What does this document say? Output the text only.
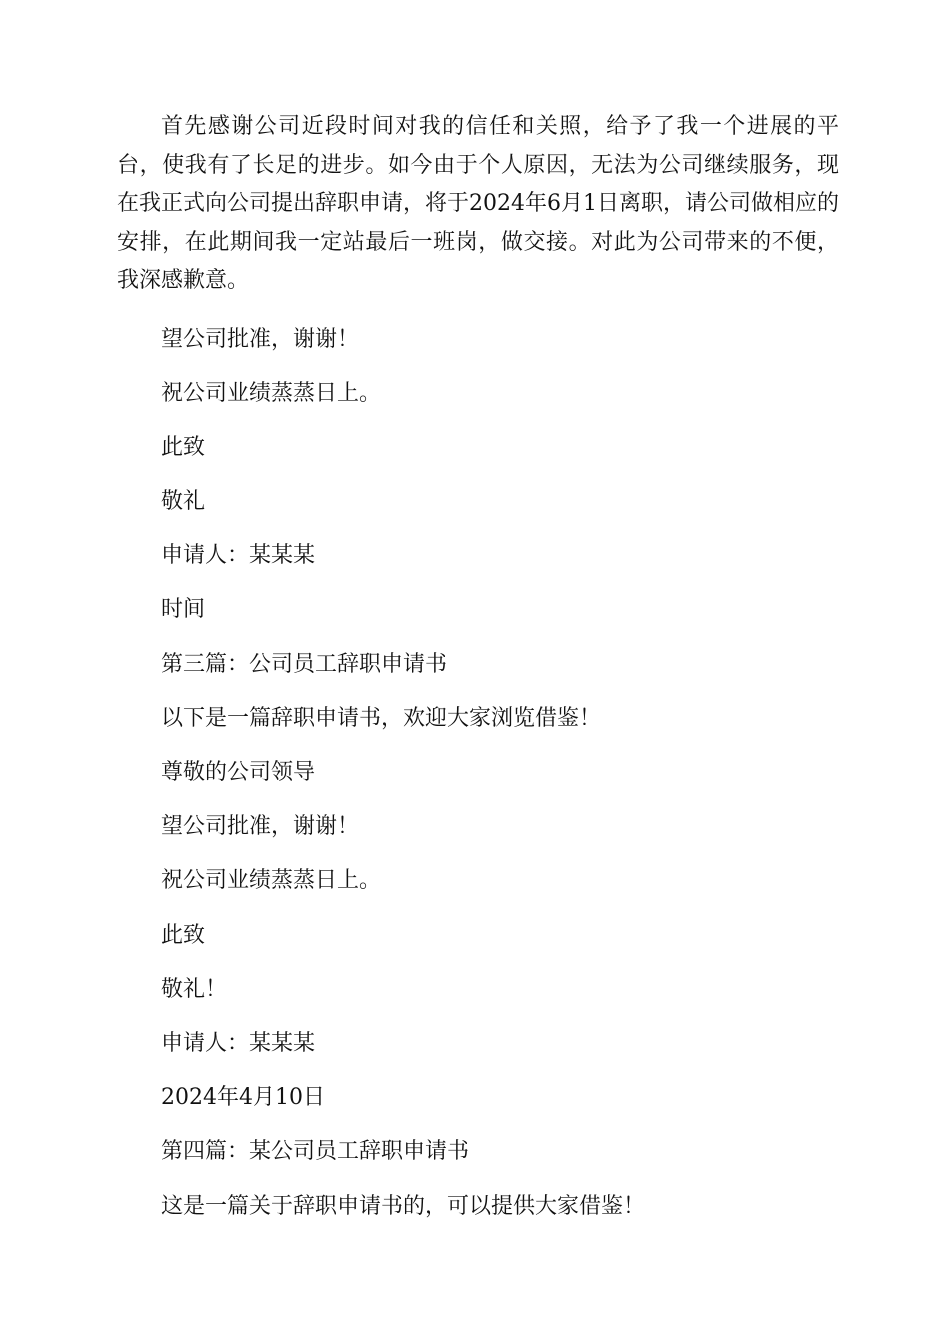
首先感谢公司近段时间对我的信任和关照，给予了我一个进展的平台，使我有了长足的进步。如今由于个人原因，无法为公司继续服务，现在我正式向公司提出辞职申请，将于2024年6月1日离职，请公司做相应的安排，在此期间我一定站最后一班岗，做交接。对此为公司带来的不便，我深感歉意。

望公司批准，谢谢！

祝公司业绩蒸蒸日上。

此致

敬礼

申请人：某某某

时间

第三篇：公司员工辞职申请书

以下是一篇辞职申请书，欢迎大家浏览借鉴！

尊敬的公司领导

望公司批准，谢谢！

祝公司业绩蒸蒸日上。

此致

敬礼！

申请人：某某某

2024年4月10日

第四篇：某公司员工辞职申请书

这是一篇关于辞职申请书的，可以提供大家借鉴！
